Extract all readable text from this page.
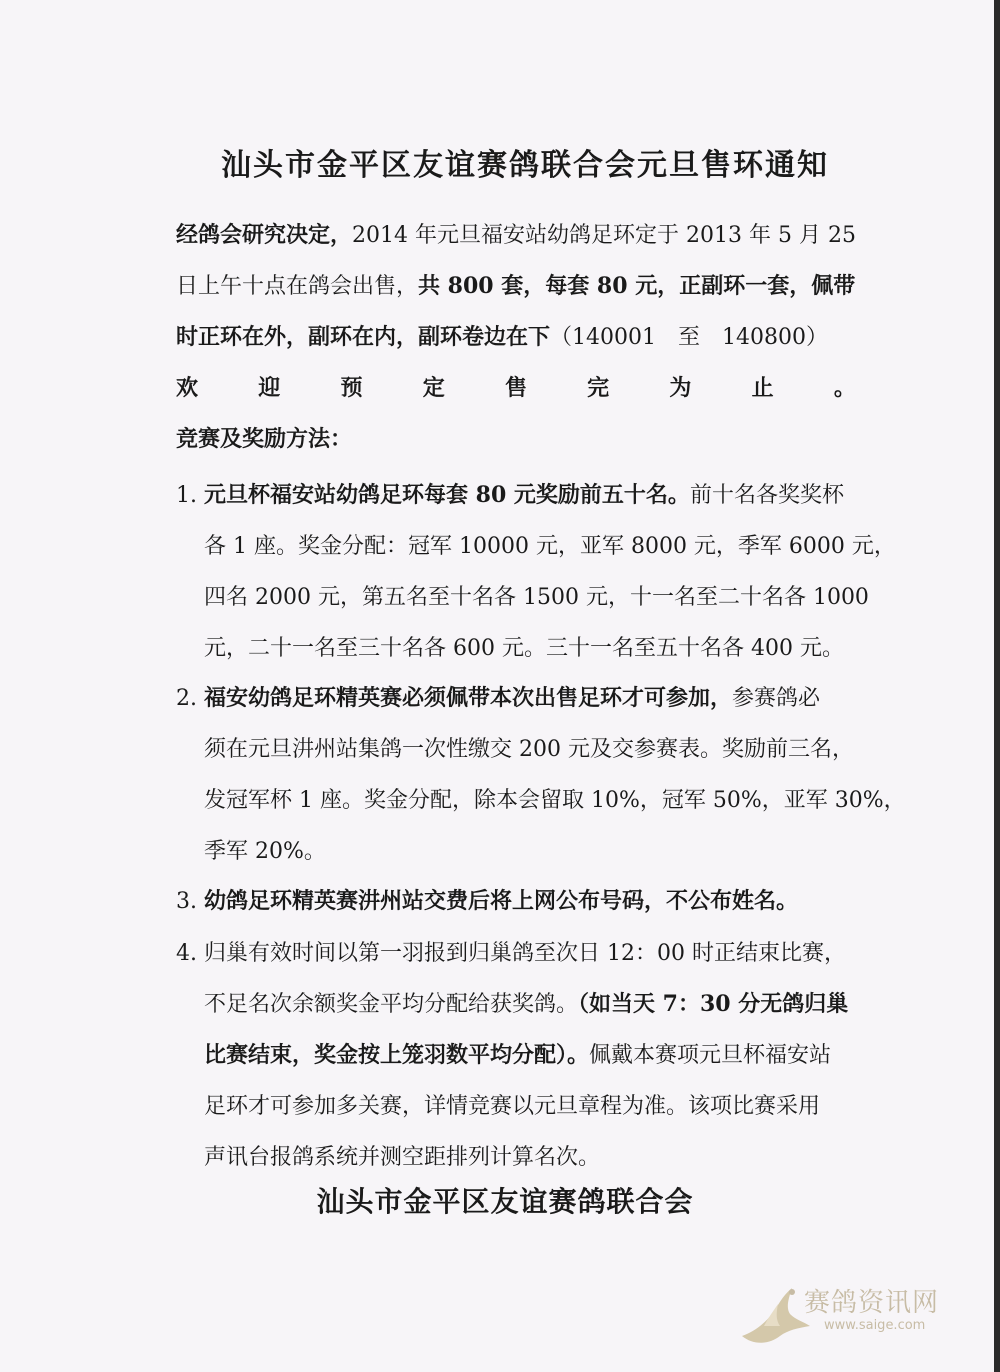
汕头市金平区友谊赛鸽联合会元旦售环通知
经鸽会研究决定，2014 年元旦福安站幼鸽足环定于 2013 年 5 月 25
日上午十点在鸽会出售，共 800 套，每套 80 元，正副环一套，佩带
时正环在外，副环在内，副环卷边在下（140001　至　140800）
欢	迎	预	定	售	完	为	止	。
竞赛及奖励方法：
1. 元旦杯福安站幼鸽足环每套 80 元奖励前五十名。前十名各奖奖杯
各 1 座。奖金分配：冠军 10000 元，亚军 8000 元，季军 6000 元，
四名 2000 元，第五名至十名各 1500 元，十一名至二十名各 1000
元，二十一名至三十名各 600 元。三十一名至五十名各 400 元。
2. 福安幼鸽足环精英赛必须佩带本次出售足环才可参加，参赛鸽必
须在元旦汫州站集鸽一次性缴交 200 元及交参赛表。奖励前三名，
发冠军杯 1 座。奖金分配，除本会留取 10%，冠军 50%，亚军 30%，
季军 20%。
3. 幼鸽足环精英赛汫州站交费后将上网公布号码，不公布姓名。
4. 归巢有效时间以第一羽报到归巢鸽至次日 12：00 时正结束比赛，
不足名次余额奖金平均分配给获奖鸽。（如当天 7：30 分无鸽归巢
比赛结束，奖金按上笼羽数平均分配）。佩戴本赛项元旦杯福安站
足环才可参加多关赛，详情竞赛以元旦章程为准。该项比赛采用
声讯台报鸽系统并测空距排列计算名次。
汕头市金平区友谊赛鸽联合会
赛鸽资讯网
www.saige.com
